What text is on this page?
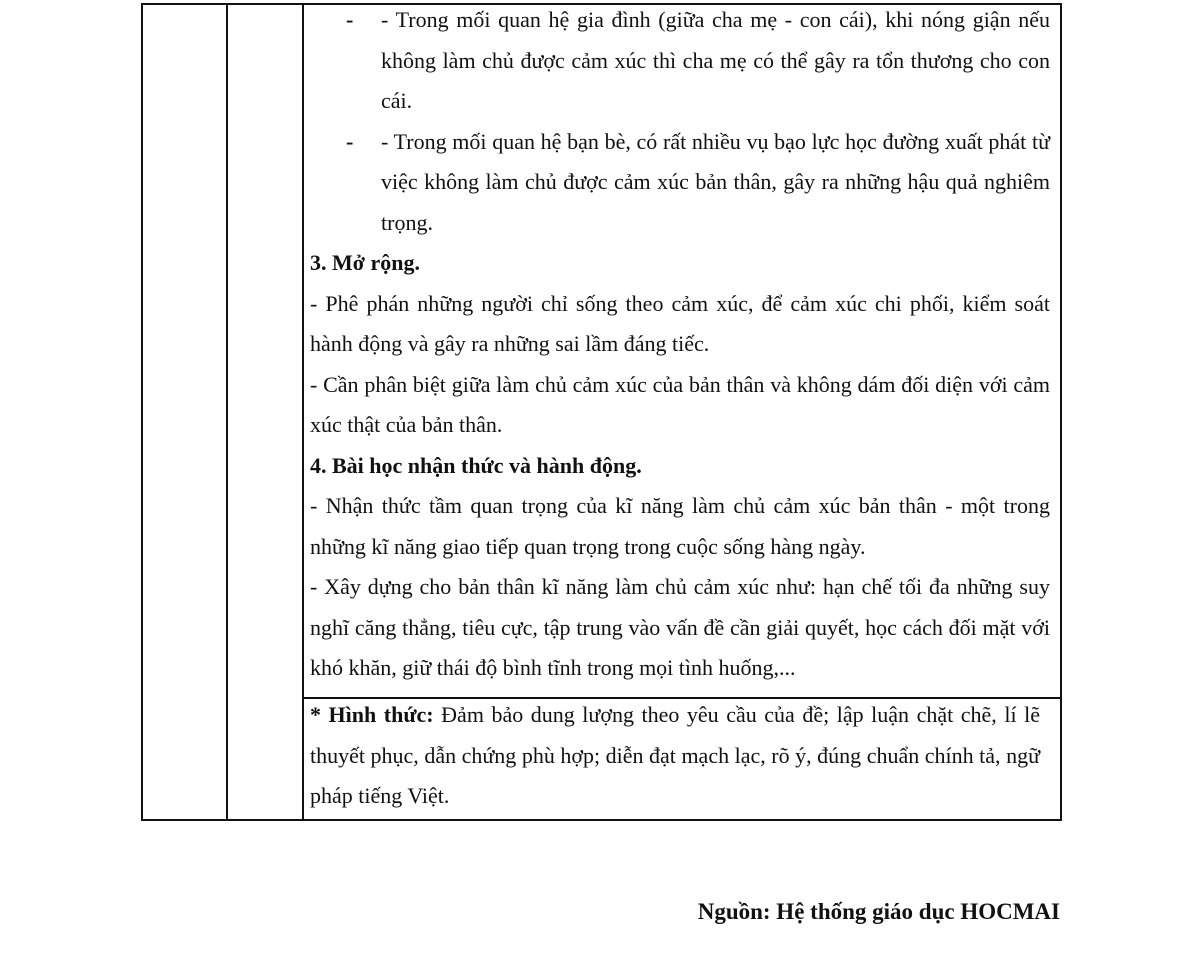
- - Trong mối quan hệ gia đình (giữa cha mẹ - con cái), khi nóng giận nếu không làm chủ được cảm xúc thì cha mẹ có thể gây ra tổn thương cho con cái.

- - Trong mối quan hệ bạn bè, có rất nhiều vụ bạo lực học đường xuất phát từ việc không làm chủ được cảm xúc bản thân, gây ra những hậu quả nghiêm trọng.

3. Mở rộng.

- Phê phán những người chỉ sống theo cảm xúc, để cảm xúc chi phối, kiểm soát hành động và gây ra những sai lầm đáng tiếc.

- Cần phân biệt giữa làm chủ cảm xúc của bản thân và không dám đối diện với cảm xúc thật của bản thân.

4. Bài học nhận thức và hành động.

- Nhận thức tầm quan trọng của kĩ năng làm chủ cảm xúc bản thân - một trong những kĩ năng giao tiếp quan trọng trong cuộc sống hàng ngày.

- Xây dựng cho bản thân kĩ năng làm chủ cảm xúc như: hạn chế tối đa những suy nghĩ căng thẳng, tiêu cực, tập trung vào vấn đề cần giải quyết, học cách đối mặt với khó khăn, giữ thái độ bình tĩnh trong mọi tình huống,...

* Hình thức: Đảm bảo dung lượng theo yêu cầu của đề; lập luận chặt chẽ, lí lẽ thuyết phục, dẫn chứng phù hợp; diễn đạt mạch lạc, rõ ý, đúng chuẩn chính tả, ngữ pháp tiếng Việt.
Nguồn: Hệ thống giáo dục HOCMAI
